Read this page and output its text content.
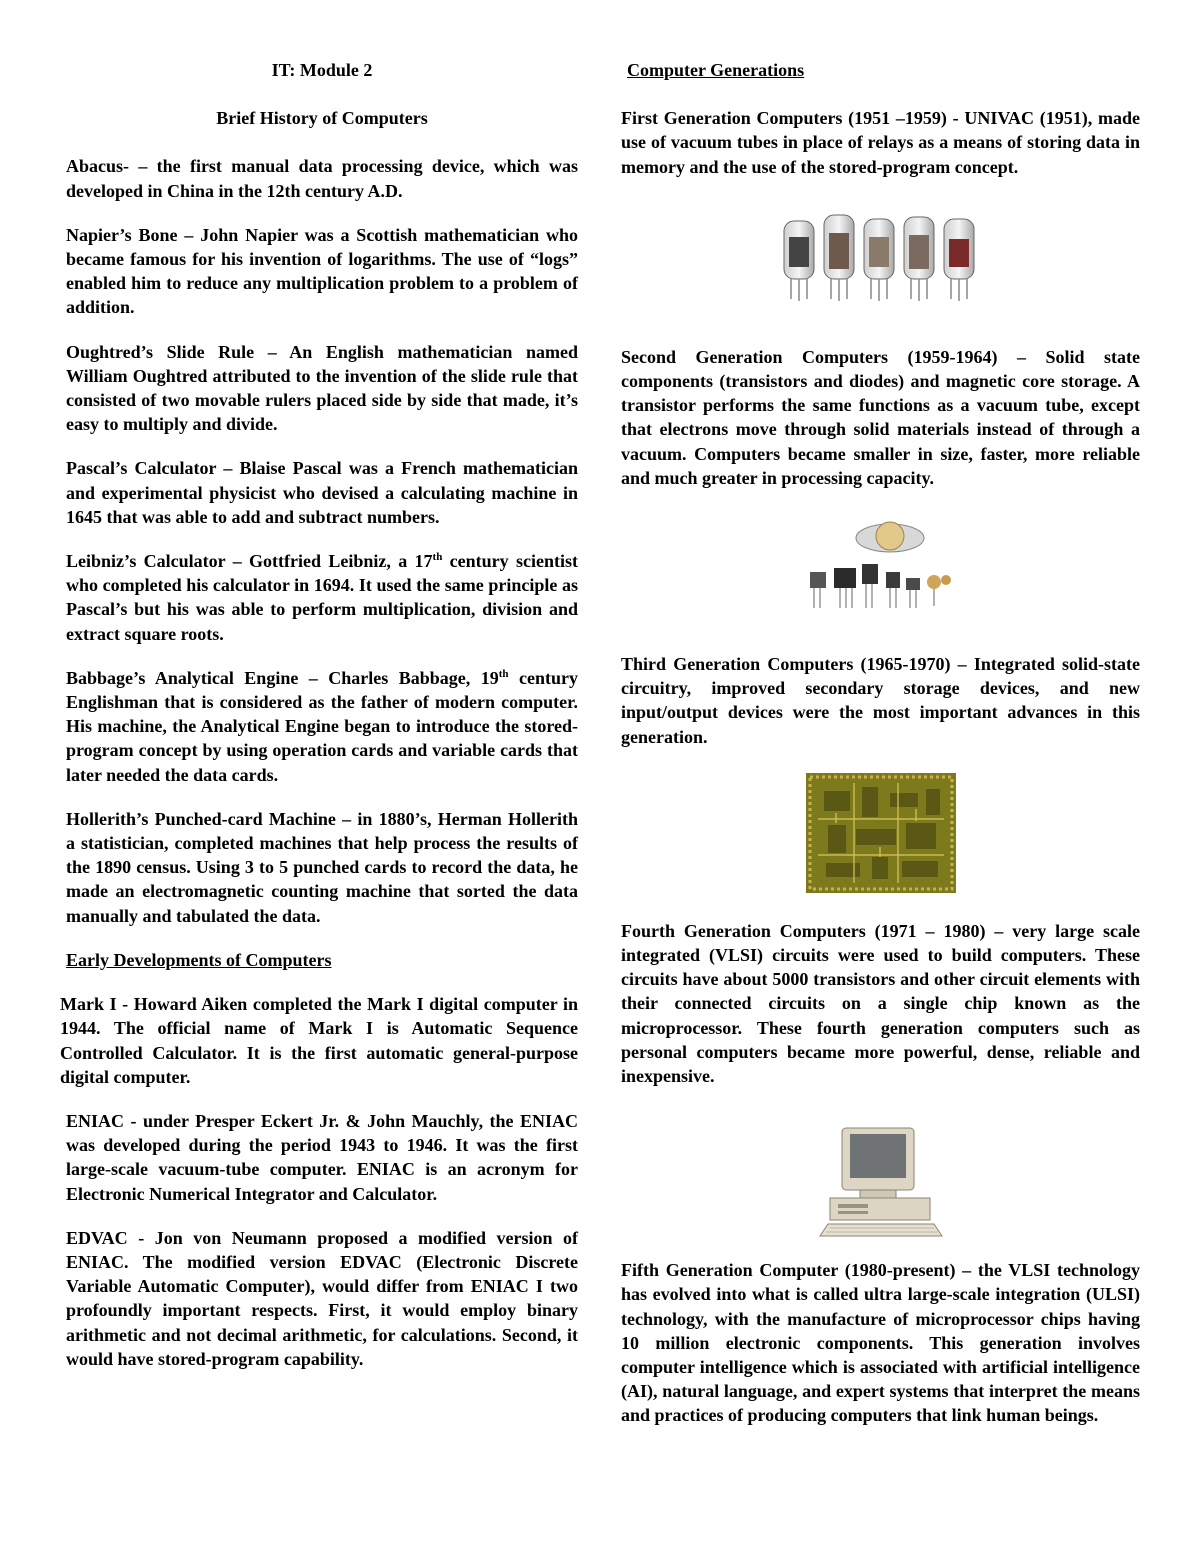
IT: Module 2

Brief History of Computers

Abacus- – the first manual data processing device, which was developed in China in the 12th century A.D.

Napier’s Bone – John Napier was a Scottish mathematician who became famous for his invention of logarithms. The use of “logs” enabled him to reduce any multiplication problem to a problem of addition.

Oughtred’s Slide Rule – An English mathematician named William Oughtred attributed to the invention of the slide rule that consisted of two movable rulers placed side by side that made, it’s easy to multiply and divide.

Pascal’s Calculator – Blaise Pascal was a French mathematician and experimental physicist who devised a calculating machine in 1645 that was able to add and subtract numbers.

Leibniz’s Calculator – Gottfried Leibniz, a 17th century scientist who completed his calculator in 1694. It used the same principle as Pascal’s but his was able to perform multiplication, division and extract square roots.

Babbage’s Analytical Engine – Charles Babbage, 19th century Englishman that is considered as the father of modern computer. His machine, the Analytical Engine began to introduce the stored-program concept by using operation cards and variable cards that later needed the data cards.

Hollerith’s Punched-card Machine – in 1880’s, Herman Hollerith a statistician, completed machines that help process the results of the 1890 census. Using 3 to 5 punched cards to record the data, he made an electromagnetic counting machine that sorted the data manually and tabulated the data.

Early Developments of Computers

Mark I - Howard Aiken completed the Mark I digital computer in 1944. The official name of Mark I is Automatic Sequence Controlled Calculator. It is the first automatic general-purpose digital computer.

ENIAC - under Presper Eckert Jr. & John Mauchly, the ENIAC was developed during the period 1943 to 1946. It was the first large-scale vacuum-tube computer. ENIAC is an acronym for Electronic Numerical Integrator and Calculator.

EDVAC - Jon von Neumann proposed a modified version of ENIAC. The modified version EDVAC (Electronic Discrete Variable Automatic Computer), would differ from ENIAC I two profoundly important respects. First, it would employ binary arithmetic and not decimal arithmetic, for calculations. Second, it would have stored-program capability.

Computer Generations

First Generation Computers (1951 –1959) - UNIVAC (1951), made use of vacuum tubes in place of relays as a means of storing data in memory and the use of the stored-program concept.

Second Generation Computers (1959-1964) – Solid state components (transistors and diodes) and magnetic core storage. A transistor performs the same functions as a vacuum tube, except that electrons move through solid materials instead of through a vacuum. Computers became smaller in size, faster, more reliable and much greater in processing capacity.

Third Generation Computers (1965-1970) – Integrated solid-state circuitry, improved secondary storage devices, and new input/output devices were the most important advances in this generation.

Fourth Generation Computers (1971 – 1980) – very large scale integrated (VLSI) circuits were used to build computers. These circuits have about 5000 transistors and other circuit elements with their connected circuits on a single chip known as the microprocessor. These fourth generation computers such as personal computers became more powerful, dense, reliable and inexpensive.

Fifth Generation Computer (1980-present) – the VLSI technology has evolved into what is called ultra large-scale integration (ULSI) technology, with the manufacture of microprocessor chips having 10 million electronic components. This generation involves computer intelligence which is associated with artificial intelligence (AI), natural language, and expert systems that interpret the means and practices of producing computers that link human beings.
